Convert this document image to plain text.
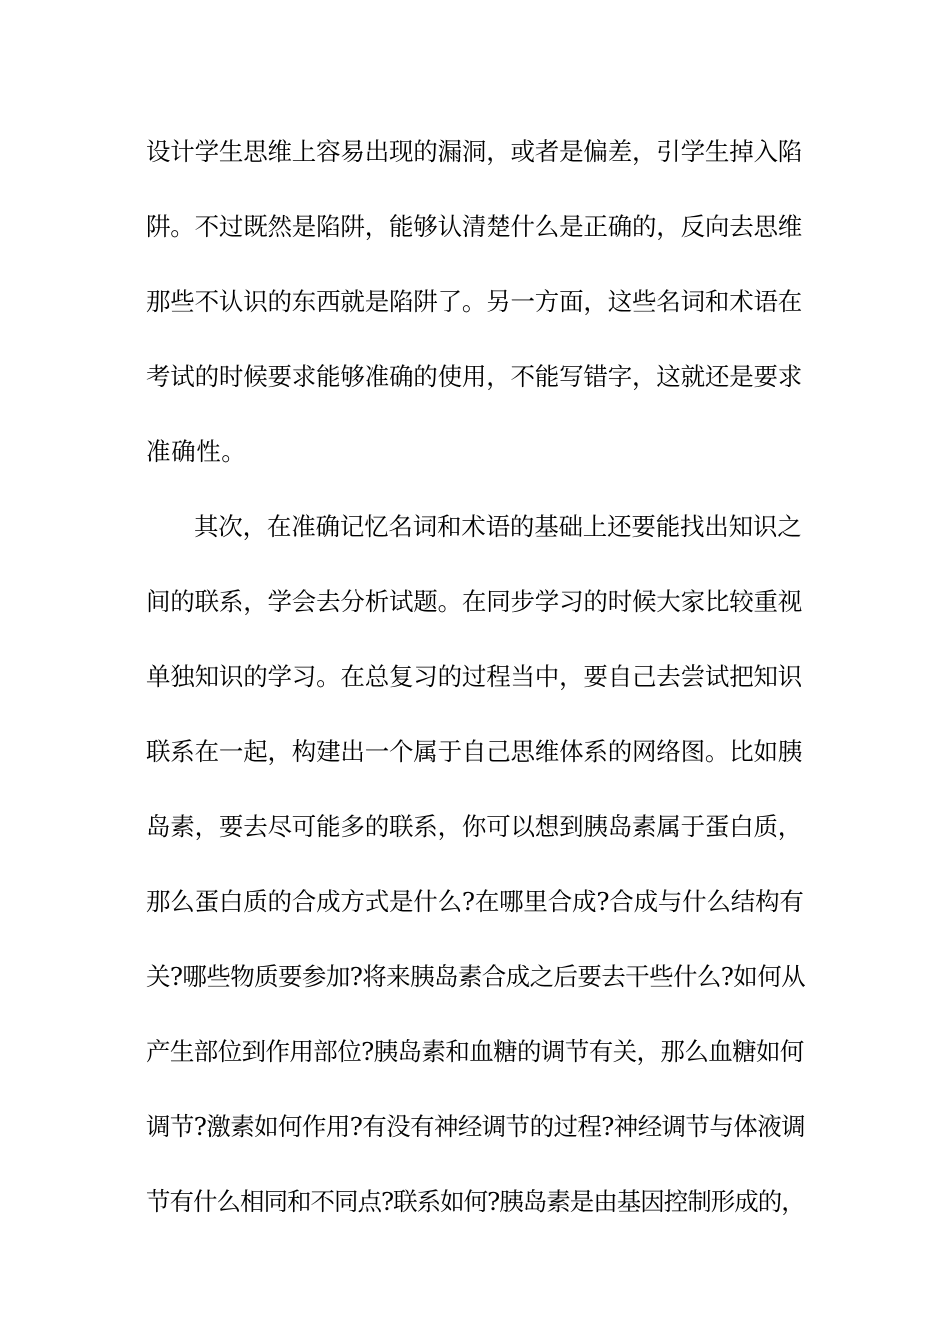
设计学生思维上容易出现的漏洞，或者是偏差，引学生掉入陷
阱。不过既然是陷阱，能够认清楚什么是正确的，反向去思维
那些不认识的东西就是陷阱了。另一方面，这些名词和术语在
考试的时候要求能够准确的使用，不能写错字，这就还是要求
准确性。
其次，在准确记忆名词和术语的基础上还要能找出知识之
间的联系，学会去分析试题。在同步学习的时候大家比较重视
单独知识的学习。在总复习的过程当中，要自己去尝试把知识
联系在一起，构建出一个属于自己思维体系的网络图。比如胰
岛素，要去尽可能多的联系，你可以想到胰岛素属于蛋白质，
那么蛋白质的合成方式是什么?在哪里合成?合成与什么结构有
关?哪些物质要参加?将来胰岛素合成之后要去干些什么?如何从
产生部位到作用部位?胰岛素和血糖的调节有关，那么血糖如何
调节?激素如何作用?有没有神经调节的过程?神经调节与体液调
节有什么相同和不同点?联系如何?胰岛素是由基因控制形成的，
